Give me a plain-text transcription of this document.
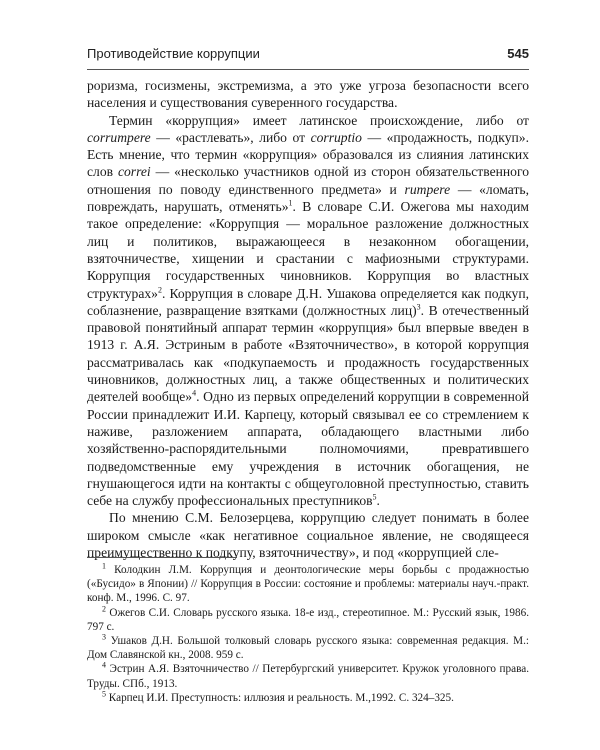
Противодействие коррупции	545

роризма, госизмены, экстремизма, а это уже угроза безопасности всего населения и существования суверенного государства.

Термин «коррупция» имеет латинское происхождение, либо от corrumpere — «растлевать», либо от corruptio — «продажность, подкуп». Есть мнение, что термин «коррупция» образовался из слияния латинских слов correi — «несколько участников одной из сторон обязательственного отношения по поводу единственного предмета» и rumpere — «ломать, повреждать, нарушать, отменять»$^1$. В словаре С.И. Ожегова мы находим такое определение: «Коррупция — моральное разложение должностных лиц и политиков, выражающееся в незаконном обогащении, взяточничестве, хищении и срастании с мафиозными структурами. Коррупция государственных чиновников. Коррупция во властных структурах»$^2$. Коррупция в словаре Д.Н. Ушакова определяется как подкуп, соблазнение, развращение взятками (должностных лиц)$^3$. В отечественный правовой понятийный аппарат термин «коррупция» был впервые введен в 1913 г. А.Я. Эстриным в работе «Взяточничество», в которой коррупция рассматривалась как «подкупаемость и продажность государственных чиновников, должностных лиц, а также общественных и политических деятелей вообще»$^4$. Одно из первых определений коррупции в современной России принадлежит И.И. Карпецу, который связывал ее со стремлением к наживе, разложением аппарата, обладающего властными либо хозяйственно-распорядительными полномочиями, превратившего подведомственные ему учреждения в источник обогащения, не гнушающегося идти на контакты с общеуголовной преступностью, ставить себе на службу профессиональных преступников$^5$.

По мнению С.М. Белозерцева, коррупцию следует понимать в более широком смысле «как негативное социальное явление, не сводящееся преимущественно к подкупу, взяточничеству», и под «коррупцией сле-

$^1$ Колодкин Л.М. Коррупция и деонтологические меры борьбы с продажностью («Бусидо» в Японии) // Коррупция в России: состояние и проблемы: материалы науч.-практ. конф. М., 1996. С. 97.

$^2$ Ожегов С.И. Словарь русского языка. 18-е изд., стереотипное. М.: Русский язык, 1986. 797 с.

$^3$ Ушаков Д.Н. Большой толковый словарь русского языка: современная редакция. М.: Дом Славянской кн., 2008. 959 с.

$^4$ Эстрин А.Я. Взяточничество // Петербургский университет. Кружок уголовного права. Труды. СПб., 1913.

$^5$ Карпец И.И. Преступность: иллюзия и реальность. М.,1992. С. 324–325.
